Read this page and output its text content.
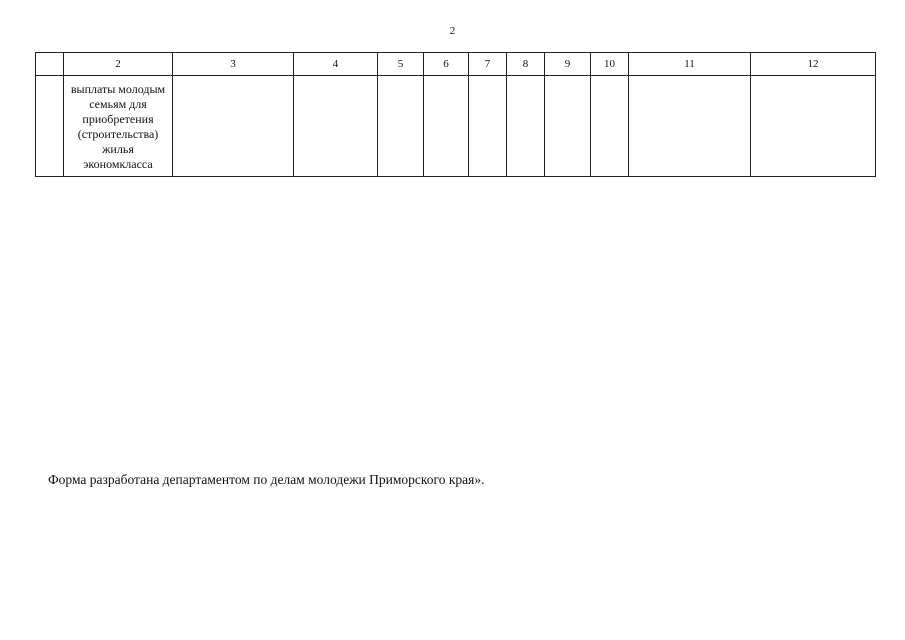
2
	2	3	4	5	6	7	8	9	10	11	12

	выплаты молодым семьям для приобретения (строительства) жилья экономкласса										

Форма разработана департаментом по делам молодежи Приморского края».
